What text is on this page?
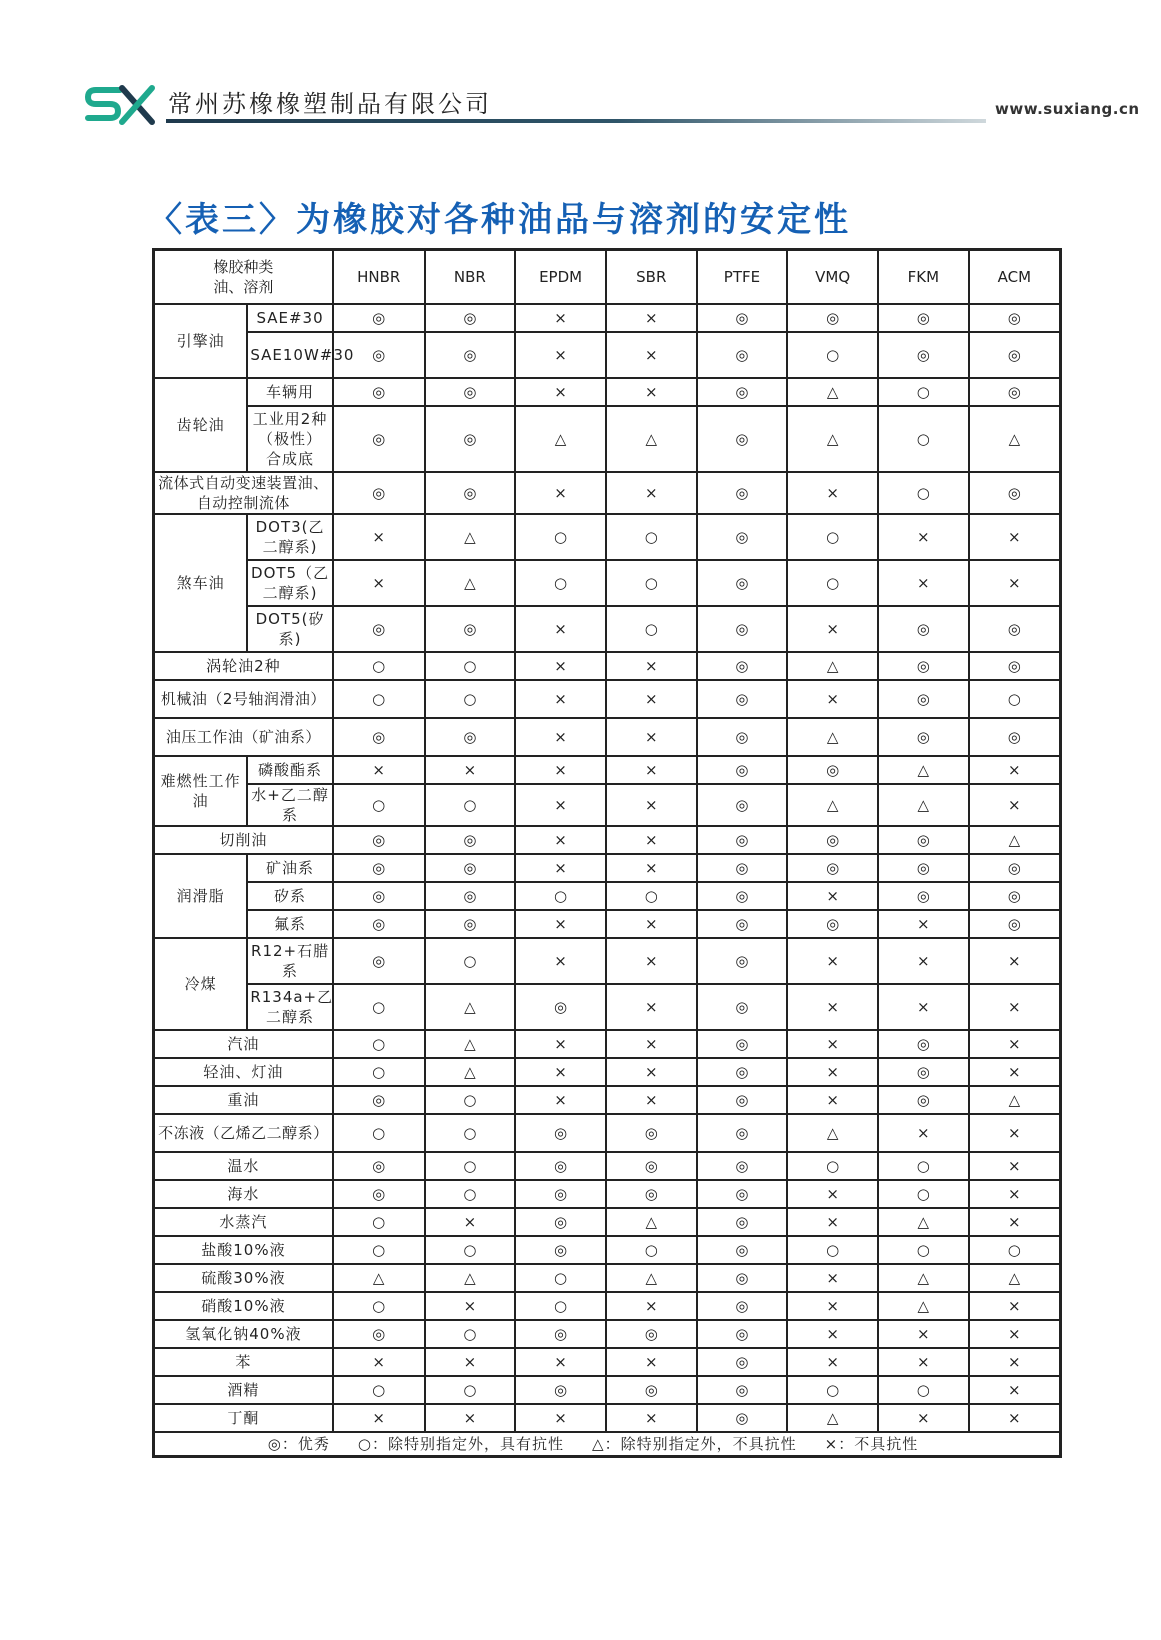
常州苏橡橡塑制品有限公司	www.suxiang.cn
〈表三〉为橡胶对各种油品与溶剂的安定性
橡胶种类
油、溶剂		HNBR	NBR	EPDM	SBR	PTFE	VMQ	FKM	ACM
引擎油	SAE#30	◎	◎	×	×	◎	◎	◎	◎
	SAE10W#30	◎	◎	×	×	◎	○	◎	◎
齿轮油	车辆用	◎	◎	×	×	◎	△	○	◎
	工业用2种（极性）合成底	◎	◎	△	△	◎	△	○	△
流体式自动变速装置油、自动控制流体		◎	◎	×	×	◎	×	○	◎
煞车油	DOT3(乙二醇系)	×	△	○	○	◎	○	×	×
	DOT5（乙二醇系)	×	△	○	○	◎	○	×	×
	DOT5(矽系)	◎	◎	×	○	◎	×	◎	◎
涡轮油2种		○	○	×	×	◎	△	◎	◎
机械油（2号轴润滑油）		○	○	×	×	◎	×	◎	○
油压工作油（矿油系）		◎	◎	×	×	◎	△	◎	◎
难燃性工作油	磷酸酯系	×	×	×	×	◎	◎	△	×
	水+乙二醇系	○	○	×	×	◎	△	△	×
切削油		◎	◎	×	×	◎	◎	◎	△
润滑脂	矿油系	◎	◎	×	×	◎	◎	◎	◎
	矽系	◎	◎	○	○	◎	×	◎	◎
	氟系	◎	◎	×	×	◎	◎	×	◎
冷煤	R12+石腊系	◎	○	×	×	◎	×	×	×
	R134a+乙二醇系	○	△	◎	×	◎	×	×	×
汽油		○	△	×	×	◎	×	◎	×
轻油、灯油		○	△	×	×	◎	×	◎	×
重油		◎	○	×	×	◎	×	◎	△
不冻液（乙烯乙二醇系）		○	○	◎	◎	◎	△	×	×
温水		◎	○	◎	◎	◎	○	○	×
海水		◎	○	◎	◎	◎	×	○	×
水蒸汽		○	×	◎	△	◎	×	△	×
盐酸10%液		○	○	◎	○	◎	○	○	○
硫酸30%液		△	△	○	△	◎	×	△	△
硝酸10%液		○	×	○	×	◎	×	△	×
氢氧化钠40%液		◎	○	◎	◎	◎	×	×	×
苯		×	×	×	×	◎	×	×	×
酒精		○	○	◎	◎	◎	○	○	×
丁酮		×	×	×	×	◎	△	×	×
◎：优秀 ○：除特别指定外，具有抗性 △：除特别指定外，不具抗性 ×：不具抗性									
